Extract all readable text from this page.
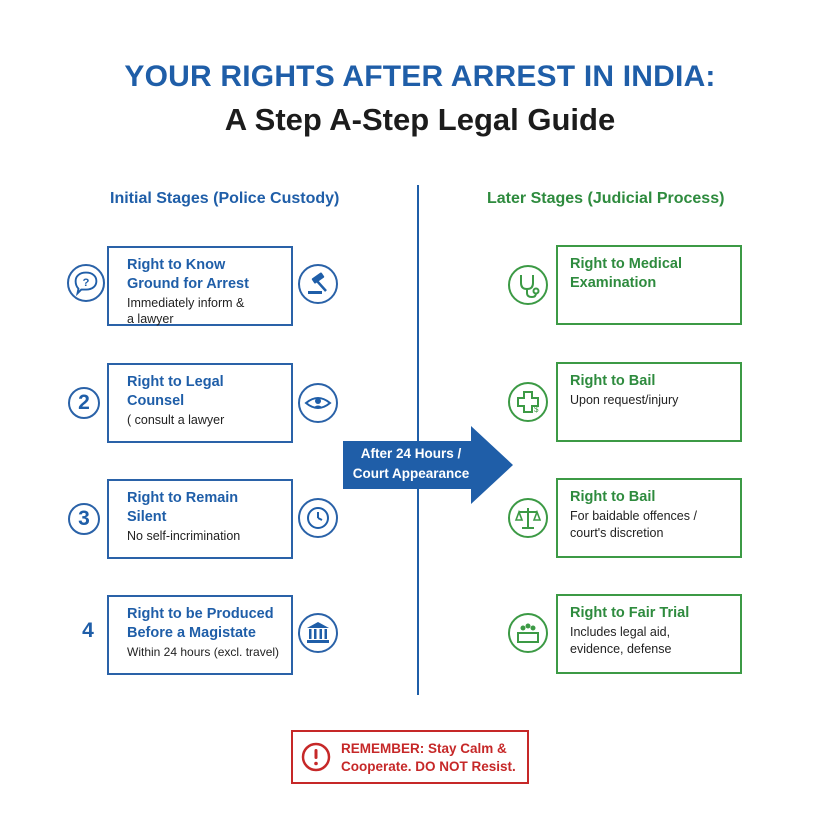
YOUR RIGHTS AFTER ARREST IN INDIA:
A Step A-Step Legal Guide
Initial Stages (Police Custody)	Later Stages (Judicial Process)
?
Right to Know
Ground for Arrest
Immediately inform &
a lawyer
2
Right to Legal
Counsel
( consult a lawyer
3
Right to Remain
Silent
No self-incrimination
4
Right to be Produced
Before a Magistate
Within 24 hours (excl. travel)
After 24 Hours /
Court Appearance
Right to Medical
Examination
$
Right to Bail
Upon request/injury
Right to Bail
For baidable offences /
court's discretion
Right to Fair Trial
Includes legal aid,
evidence, defense
REMEMBER: Stay Calm &
Cooperate. DO NOT Resist.
